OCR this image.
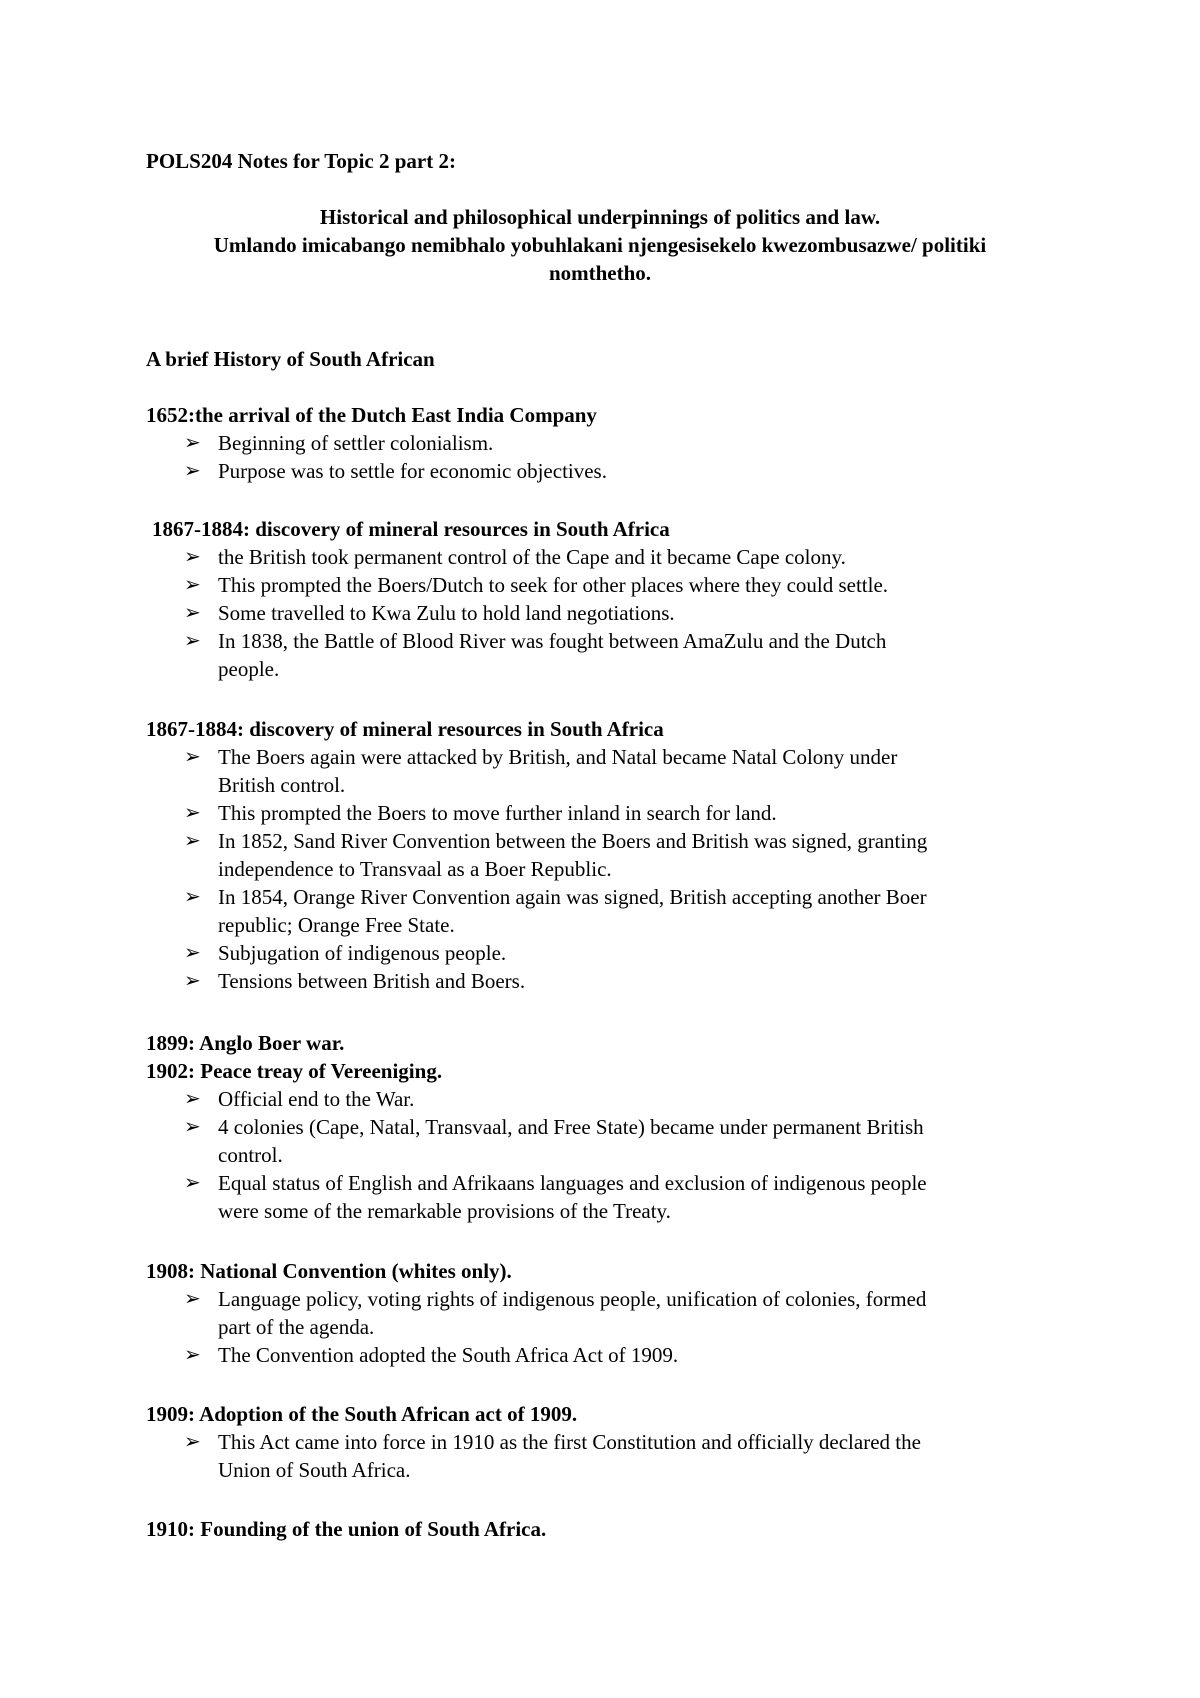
POLS204 Notes for Topic 2 part 2:
Historical and philosophical underpinnings of politics and law.
Umlando imicabango nemibhalo yobuhlakani njengesisekelo kwezombusazwe/ politiki
nomthetho.
A brief History of South African
1652:the arrival of the Dutch East India Company
➢ Beginning of settler colonialism.
➢ Purpose was to settle for economic objectives.
1867-1884: discovery of mineral resources in South Africa
➢ the British took permanent control of the Cape and it became Cape colony.
➢ This prompted the Boers/Dutch to seek for other places where they could settle.
➢ Some travelled to Kwa Zulu to hold land negotiations.
➢ In 1838, the Battle of Blood River was fought between AmaZulu and the Dutch
people.
1867-1884: discovery of mineral resources in South Africa
➢ The Boers again were attacked by British, and Natal became Natal Colony under
British control.
➢ This prompted the Boers to move further inland in search for land.
➢ In 1852, Sand River Convention between the Boers and British was signed, granting
independence to Transvaal as a Boer Republic.
➢ In 1854, Orange River Convention again was signed, British accepting another Boer
republic; Orange Free State.
➢ Subjugation of indigenous people.
➢ Tensions between British and Boers.
1899: Anglo Boer war.
1902: Peace treay of Vereeniging.
➢ Official end to the War.
➢ 4 colonies (Cape, Natal, Transvaal, and Free State) became under permanent British
control.
➢ Equal status of English and Afrikaans languages and exclusion of indigenous people
were some of the remarkable provisions of the Treaty.
1908: National Convention (whites only).
➢ Language policy, voting rights of indigenous people, unification of colonies, formed
part of the agenda.
➢ The Convention adopted the South Africa Act of 1909.
1909: Adoption of the South African act of 1909.
➢ This Act came into force in 1910 as the first Constitution and officially declared the
Union of South Africa.
1910: Founding of the union of South Africa.
